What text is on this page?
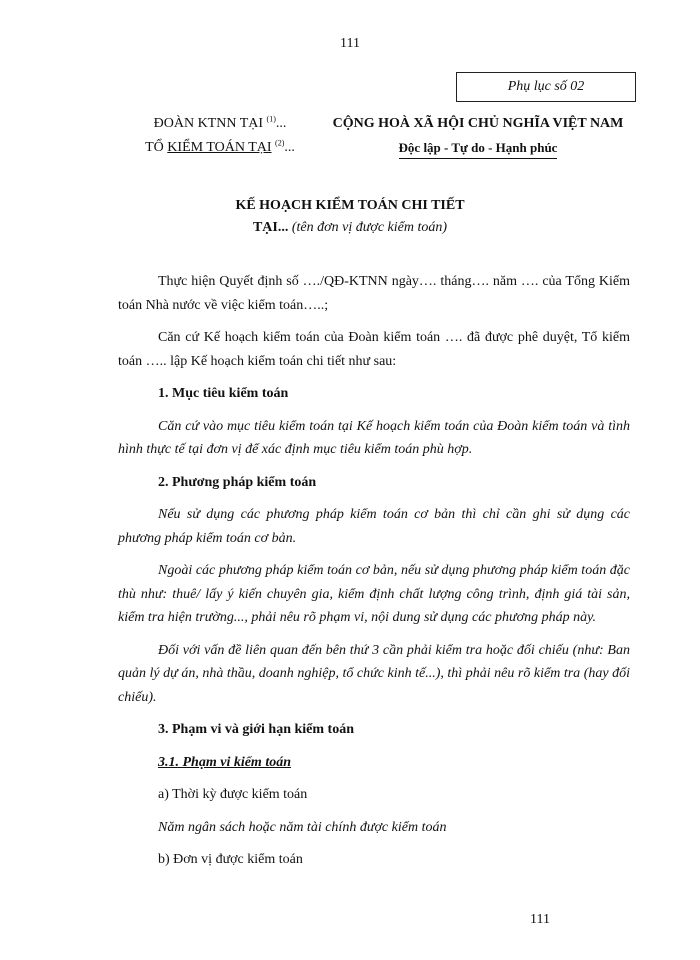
111
Phụ lục số 02
ĐOÀN KTNN TẠI $^{(1)}$...
TỔ KIỂM TOÁN TẠI $^{(2)}$...
CỘNG HOÀ XÃ HỘI CHỦ NGHĨA VIỆT NAM
Độc lập - Tự do - Hạnh phúc
KẾ HOẠCH KIỂM TOÁN CHI TIẾT
TẠI... (tên đơn vị được kiểm toán)

Thực hiện Quyết định số …./QĐ-KTNN ngày…. tháng…. năm …. của Tổng Kiểm toán Nhà nước về việc kiểm toán…..;

Căn cứ Kế hoạch kiểm toán của Đoàn kiểm toán …. đã được phê duyệt, Tổ kiểm toán ….. lập Kế hoạch kiểm toán chi tiết như sau:

1. Mục tiêu kiểm toán

Căn cứ vào mục tiêu kiểm toán tại Kế hoạch kiểm toán của Đoàn kiểm toán và tình hình thực tế tại đơn vị để xác định mục tiêu kiểm toán phù hợp.

2. Phương pháp kiểm toán

Nếu sử dụng các phương pháp kiểm toán cơ bản thì chỉ cần ghi sử dụng các phương pháp kiểm toán cơ bản.

Ngoài các phương pháp kiểm toán cơ bản, nếu sử dụng phương pháp kiểm toán đặc thù như: thuê/ lấy ý kiến chuyên gia, kiểm định chất lượng công trình, định giá tài sản, kiểm tra hiện trường..., phải nêu rõ phạm vi, nội dung sử dụng các phương pháp này.

Đối với vấn đề liên quan đến bên thứ 3 cần phải kiểm tra hoặc đối chiếu (như: Ban quản lý dự án, nhà thầu, doanh nghiệp, tổ chức kinh tế...), thì phải nêu rõ kiểm tra (hay đối chiếu).

3. Phạm vi và giới hạn kiểm toán

3.1. Phạm vi kiểm toán

a) Thời kỳ được kiểm toán

Năm ngân sách hoặc năm tài chính được kiểm toán

b) Đơn vị được kiểm toán

111
